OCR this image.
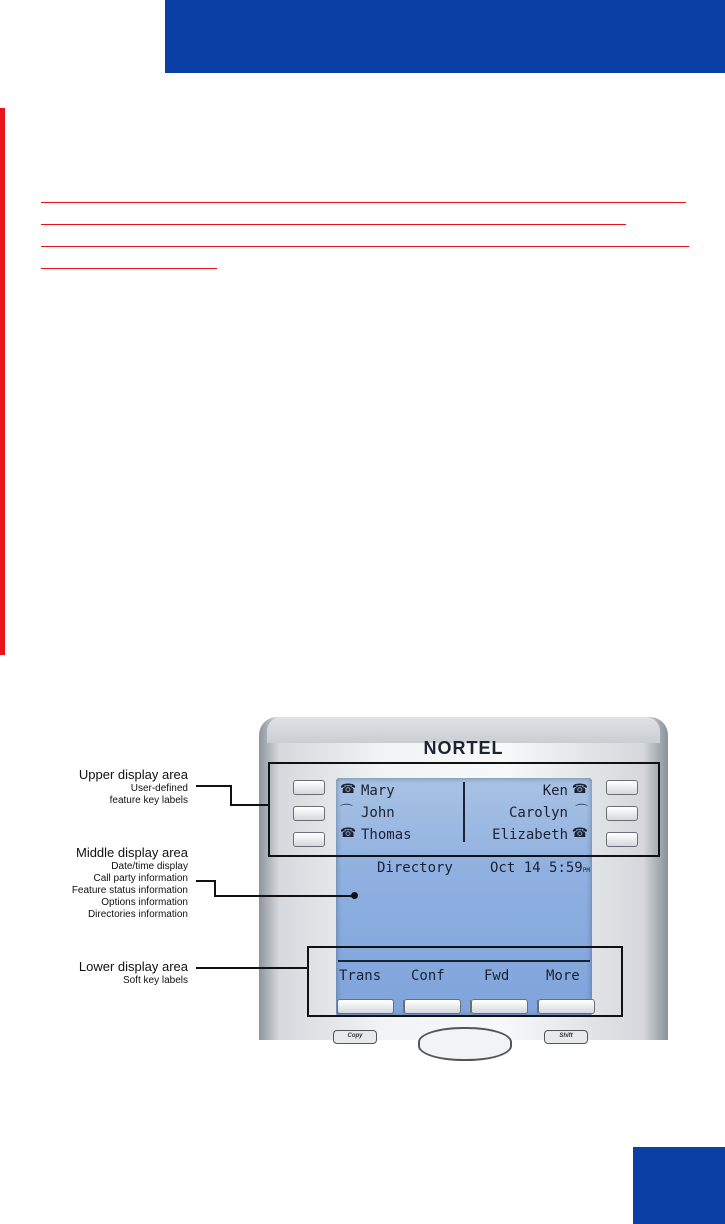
NORTEL
☎ Mary
⌒ John
☎ Thomas
Ken ☎
Carolyn ⌒
Elizabeth ☎
Directory	Oct 14 5:59PM
Trans Conf	Fwd	More
Copy	Shift
Upper display area
User-defined
feature key labels
Middle display area
Date/time display
Call party information
Feature status information
Options information
Directories information
Lower display area
Soft key labels
